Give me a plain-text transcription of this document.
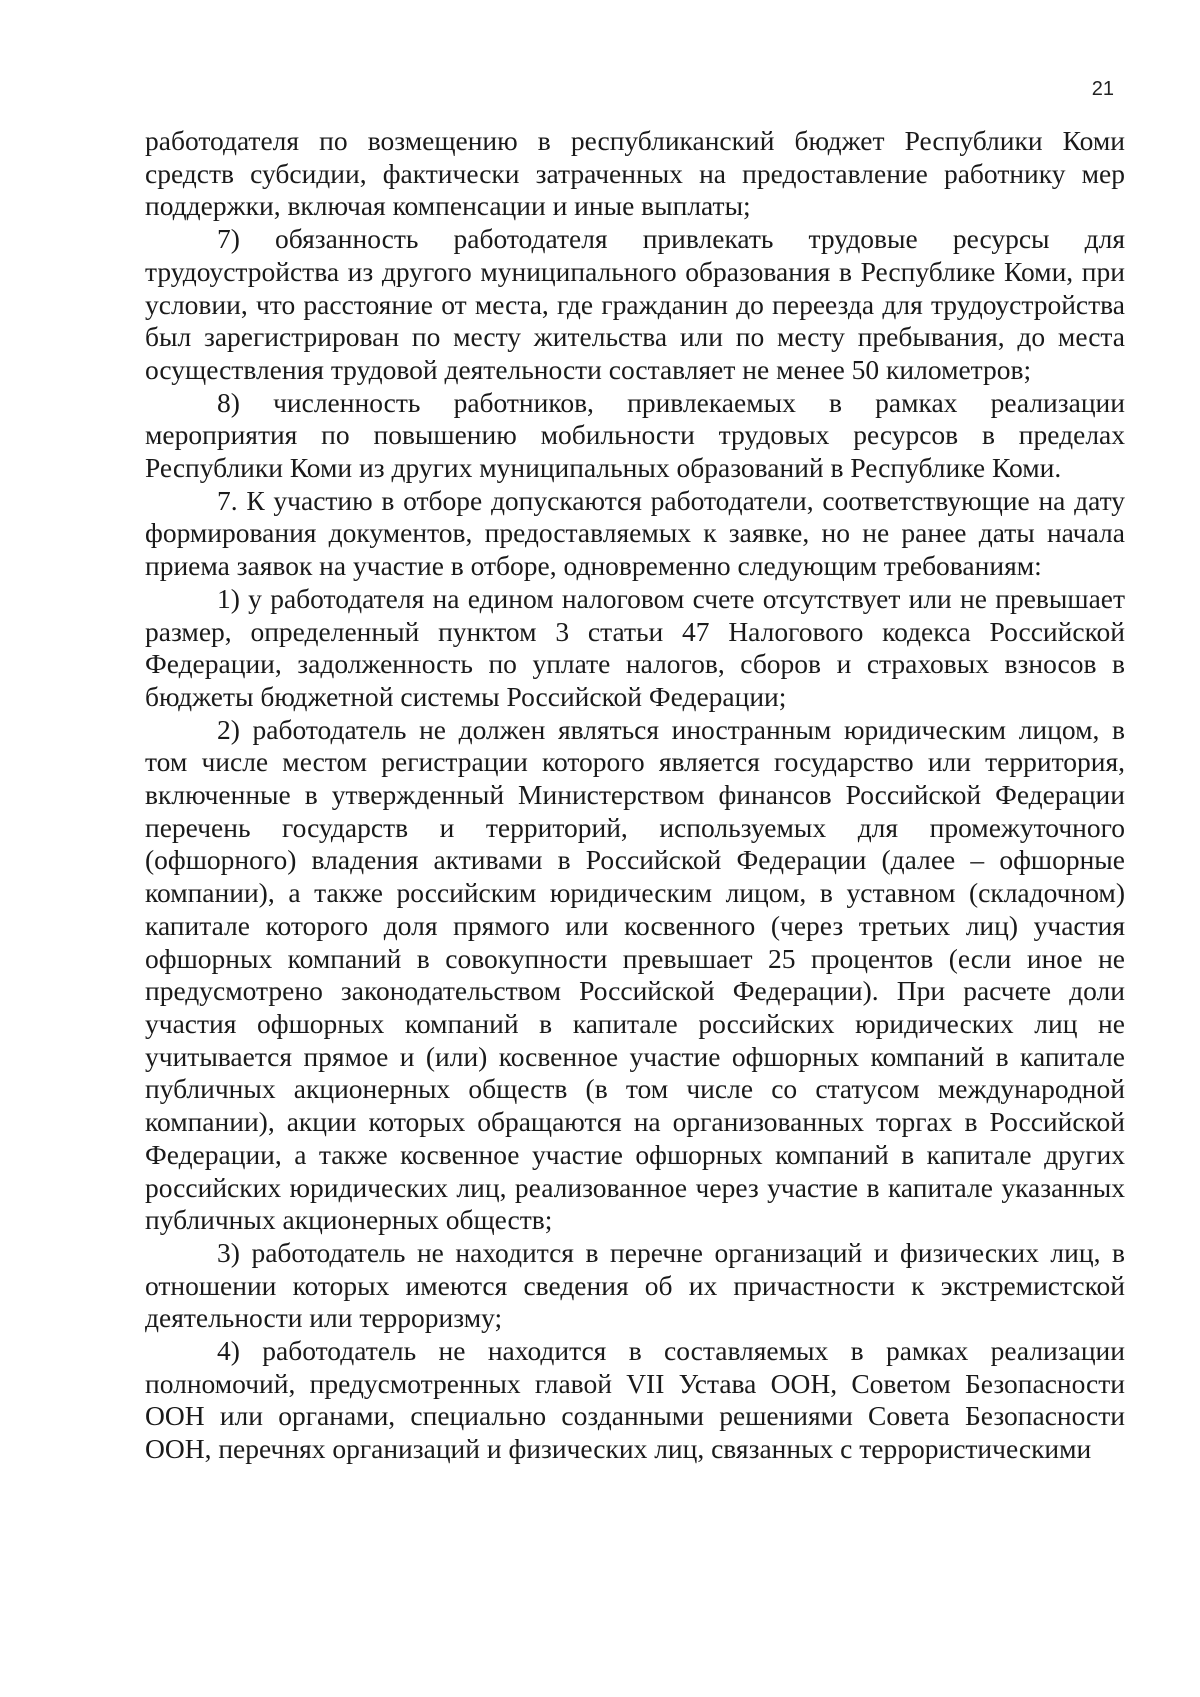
21

работодателя по возмещению в республиканский бюджет Республики Коми средств субсидии, фактически затраченных на предоставление работнику мер поддержки, включая компенсации и иные выплаты;

7) обязанность работодателя привлекать трудовые ресурсы для трудоустройства из другого муниципального образования в Республике Коми, при условии, что расстояние от места, где гражданин до переезда для трудоустройства был зарегистрирован по месту жительства или по месту пребывания, до места осуществления трудовой деятельности составляет не менее 50 километров;

8) численность работников, привлекаемых в рамках реализации мероприятия по повышению мобильности трудовых ресурсов в пределах Республики Коми из других муниципальных образований в Республике Коми.

7. К участию в отборе допускаются работодатели, соответствующие на дату формирования документов, предоставляемых к заявке, но не ранее даты начала приема заявок на участие в отборе, одновременно следующим требованиям:

1) у работодателя на едином налоговом счете отсутствует или не превышает размер, определенный пунктом 3 статьи 47 Налогового кодекса Российской Федерации, задолженность по уплате налогов, сборов и страховых взносов в бюджеты бюджетной системы Российской Федерации;

2) работодатель не должен являться иностранным юридическим лицом, в том числе местом регистрации которого является государство или территория, включенные в утвержденный Министерством финансов Российской Федерации перечень государств и территорий, используемых для промежуточного (офшорного) владения активами в Российской Федерации (далее – офшорные компании), а также российским юридическим лицом, в уставном (складочном) капитале которого доля прямого или косвенного (через третьих лиц) участия офшорных компаний в совокупности превышает 25 процентов (если иное не предусмотрено законодательством Российской Федерации). При расчете доли участия офшорных компаний в капитале российских юридических лиц не учитывается прямое и (или) косвенное участие офшорных компаний в капитале публичных акционерных обществ (в том числе со статусом международной компании), акции которых обращаются на организованных торгах в Российской Федерации, а также косвенное участие офшорных компаний в капитале других российских юридических лиц, реализованное через участие в капитале указанных публичных акционерных обществ;

3) работодатель не находится в перечне организаций и физических лиц, в отношении которых имеются сведения об их причастности к экстремистской деятельности или терроризму;

4) работодатель не находится в составляемых в рамках реализации полномочий, предусмотренных главой VII Устава ООН, Советом Безопасности ООН или органами, специально созданными решениями Совета Безопасности ООН, перечнях организаций и физических лиц, связанных с террористическими
